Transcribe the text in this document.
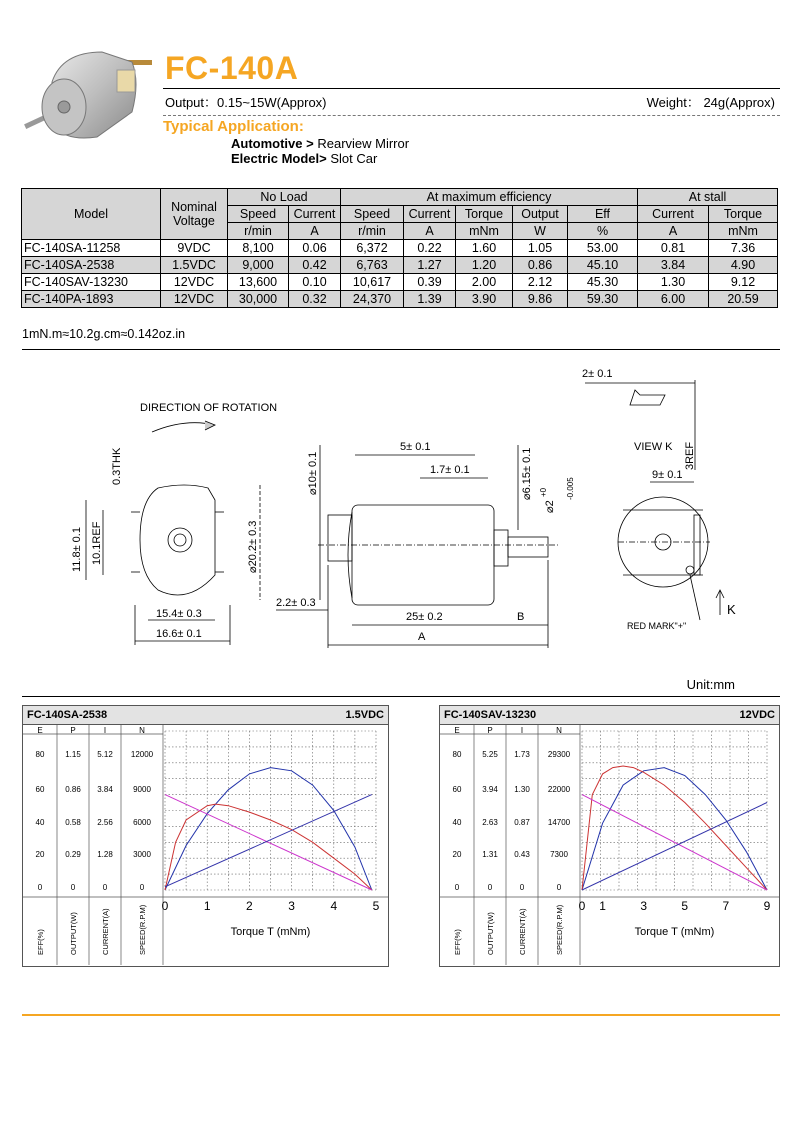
FC-140A
Output：0.15~15W(Approx)	Weight： 24g(Approx)
Typical Application:
Automotive > Rearview Mirror
Electric Model> Slot Car
Model	Nominal Voltage	No Load		At maximum efficiency					At stall	
		Speed	Current	Speed	Current	Torque	Output	Eff	Current	Torque
		r/min	A	r/min	A	mNm	W	%	A	mNm
FC-140SA-11258	9VDC	8,100	0.06	6,372	0.22	1.60	1.05	53.00	0.81	7.36
FC-140SA-2538	1.5VDC	9,000	0.42	6,763	1.27	1.20	0.86	45.10	3.84	4.90
FC-140SAV-13230	12VDC	13,600	0.10	10,617	0.39	2.00	2.12	45.30	1.30	9.12
FC-140PA-1893	12VDC	30,000	0.32	24,370	1.39	3.90	9.86	59.30	6.00	20.59
1mN.m≈10.2g.cm≈0.142oz.in
DIRECTION OF ROTATION
0.3THK
11.8± 0.1 10.1REF	⌀20.2± 0.3
15.4± 0.3
16.6± 0.1
⌀10± 0.1
5± 0.1
1.7± 0.1	⌀6.15± 0.1
⌀2
+0 -0.005
2.2± 0.3
25± 0.2	B
A
2± 0.1
VIEW K 3REF
9± 0.1
RED MARK"+"
K
Unit:mm
FC-140SA-2538	1.5VDC
E	P	I	N
80	1.15 5.12 12000
60	0.86 3.84	9000
40	0.58 2.56	6000
20	0.29 1.28	3000
0	0	0	0
EFF(%)	OUTPUT(W)	CURRENT(A)	SPEED(R.P.M) 0	1	2	3	4	5
Torque T (mNm)
FC-140SAV-13230	12VDC
E	P	I	N
80	5.25 1.73 29300
60	3.94 1.30 22000
40	2.63 0.87 14700
20	1.31 0.43	7300
0	0	0	0
EFF(%)	OUTPUT(W)	CURRENT(A)	SPEED(R.P.M) 0 1	3	5	7	9
Torque T (mNm)
